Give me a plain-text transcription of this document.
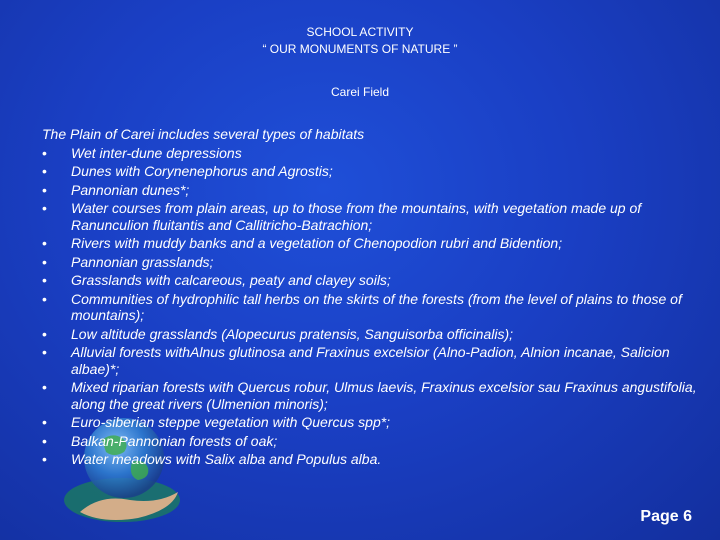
SCHOOL ACTIVITY
“ OUR MONUMENTS OF NATURE ”
Carei Field
The Plain of Carei includes several types of habitats
• Wet inter-dune depressions
• Dunes with Corynenephorus and Agrostis;
• Pannonian dunes*;
• Water courses from plain areas, up to those from the mountains, with vegetation made up of Ranunculion fluitantis and Callitricho-Batrachion;
• Rivers with muddy banks and a vegetation of Chenopodion rubri and Bidention;
• Pannonian grasslands;
• Grasslands with calcareous, peaty and clayey soils;
• Communities of hydrophilic tall herbs on the skirts of the forests (from the level of plains to those of mountains);
• Low altitude grasslands (Alopecurus pratensis, Sanguisorba officinalis);
• Alluvial forests withAlnus glutinosa and Fraxinus excelsior (Alno-Padion, Alnion incanae, Salicion albae)*;
• Mixed riparian forests with Quercus robur, Ulmus laevis, Fraxinus excelsior sau Fraxinus angustifolia, along the great rivers (Ulmenion minoris);
• Euro-siberian steppe vegetation with Quercus spp*;
• Balkan-Pannonian forests of oak;
• Water meadows with Salix alba and Populus alba.
Page 6
